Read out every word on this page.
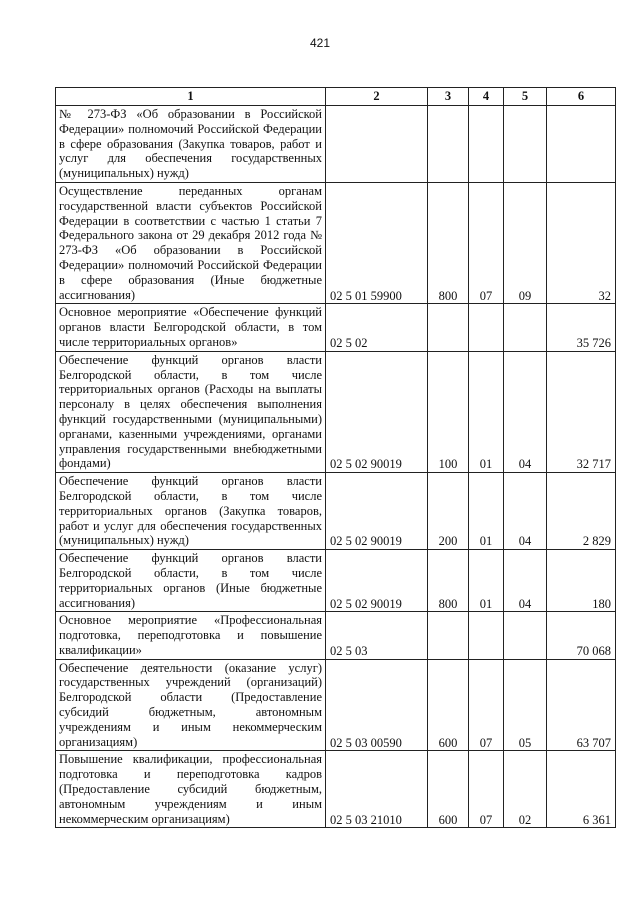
421
1	2	3	4	5	6
№ 273-ФЗ «Об образовании в Российской Федерации» полномочий Российской Федерации в сфере образования (Закупка товаров, работ и услуг для обеспечения государственных (муниципальных) нужд)					
Осуществление переданных органам государственной власти субъектов Российской Федерации в соответствии с частью 1 статьи 7 Федерального закона от 29 декабря 2012 года № 273-ФЗ «Об образовании в Российской Федерации» полномочий Российской Федерации в сфере образования (Иные бюджетные ассигнования)	02 5 01 59900	800	07	09	32
Основное мероприятие «Обеспечение функций органов власти Белгородской области, в том числе территориальных органов»	02 5 02				35 726
Обеспечение функций органов власти Белгородской области, в том числе территориальных органов (Расходы на выплаты персоналу в целях обеспечения выполнения функций государственными (муниципальными) органами, казенными учреждениями, органами управления государственными внебюджетными фондами)	02 5 02 90019	100	01	04	32 717
Обеспечение функций органов власти Белгородской области, в том числе территориальных органов (Закупка товаров, работ и услуг для обеспечения государственных (муниципальных) нужд)	02 5 02 90019	200	01	04	2 829
Обеспечение функций органов власти Белгородской области, в том числе территориальных органов (Иные бюджетные ассигнования)	02 5 02 90019	800	01	04	180
Основное мероприятие «Профессиональная подготовка, переподготовка и повышение квалификации»	02 5 03				70 068
Обеспечение деятельности (оказание услуг) государственных учреждений (организаций) Белгородской области (Предоставление субсидий бюджетным, автономным учреждениям и иным некоммерческим организациям)	02 5 03 00590	600	07	05	63 707
Повышение квалификации, профессиональная подготовка и переподготовка кадров (Предоставление субсидий бюджетным, автономным учреждениям и иным некоммерческим организациям)	02 5 03 21010	600	07	02	6 361
